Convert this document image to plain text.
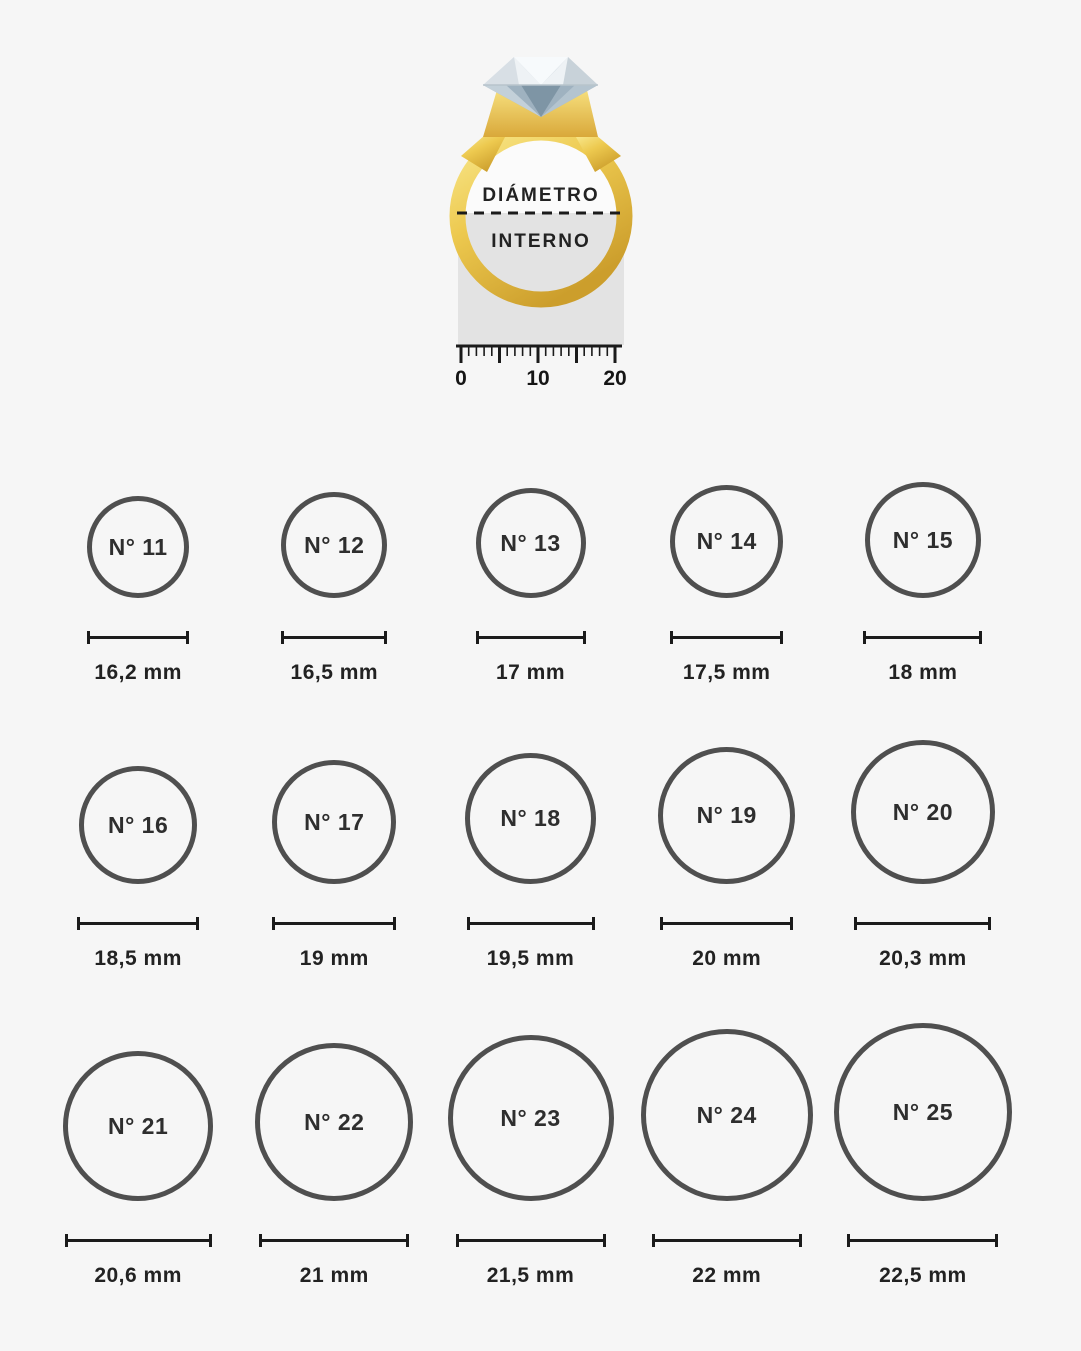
DIÁMETRO
INTERNO
0	10	20
N° 11
16,2 mm
N° 12
16,5 mm
N° 13
17 mm
N° 14
17,5 mm
N° 15
18 mm
N° 16
18,5 mm
N° 17
19 mm
N° 18
19,5 mm
N° 19
20 mm
N° 20
20,3 mm
N° 21
20,6 mm
N° 22
21 mm
N° 23
21,5 mm
N° 24
22 mm
N° 25
22,5 mm
